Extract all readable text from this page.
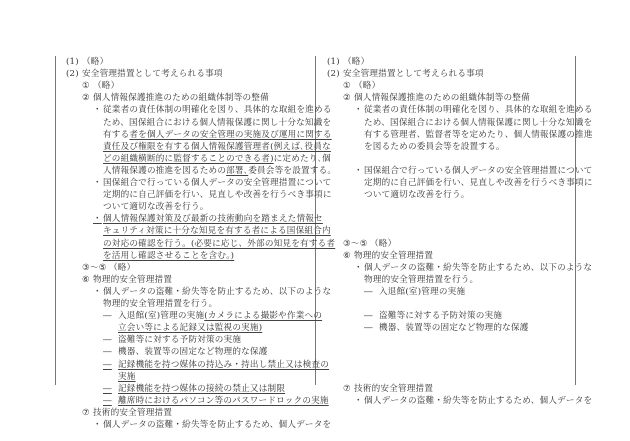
(1) （略）
(2) 安全管理措置として考えられる事項
① （略）
② 個人情報保護推進のための組織体制等の整備
・ 従業者の責任体制の明確化を図り、具体的な取組を進める
ため、国保組合における個人情報保護に関し十分な知識を
有する者を個人データの安全管理の実施及び運用に関する
責任及び権限を有する個人情報保護管理者(例えば､役員な
どの組織横断的に監督することのできる者)に定めたり､個
人情報保護の推進を図るための部署､委員会等を設置する。
・ 国保組合で行っている個人データの安全管理措置について
定期的に自己評価を行い、見直しや改善を行うべき事項に
ついて適切な改善を行う。
・ 個人情報保護対策及び最新の技術動向を踏まえた情報セ
キュリティ対策に十分な知見を有する者による国保組合内
の対応の確認を行う。(必要に応じ、外部の知見を有する者
を活用し確認させることを含む。)
③～⑤ （略）
⑥ 物理的安全管理措置
・ 個人データの盗難・紛失等を防止するため、以下のような
物理的安全管理措置を行う。
― 入退館(室)管理の実施(カメラによる撮影や作業への
立会い等による記録又は監視の実施)
― 盗難等に対する予防対策の実施
― 機器、装置等の固定など物理的な保護
― 記録機能を持つ媒体の持込み・持出し禁止又は検査の
実施
― 記録機能を持つ媒体の接続の禁止又は制限
― 離席時におけるパソコン等のパスワードロックの実施
⑦ 技術的安全管理措置
・ 個人データの盗難・紛失等を防止するため、個人データを
(1) （略）
(2) 安全管理措置として考えられる事項
① （略）
② 個人情報保護推進のための組織体制等の整備
・ 従業者の責任体制の明確化を図り、具体的な取組を進める
ため、国保組合における個人情報保護に関し十分な知識を
有する管理者、監督者等を定めたり、個人情報保護の推進
を図るための委員会等を設置する。
・ 国保組合で行っている個人データの安全管理措置について
定期的に自己評価を行い、見直しや改善を行うべき事項に
ついて適切な改善を行う。
③～⑤ （略）
⑥ 物理的安全管理措置
・ 個人データの盗難・紛失等を防止するため、以下のような
物理的安全管理措置を行う。
― 入退館(室)管理の実施
― 盗難等に対する予防対策の実施
― 機器、装置等の固定など物理的な保護
⑦ 技術的安全管理措置
・ 個人データの盗難・紛失等を防止するため、個人データを
